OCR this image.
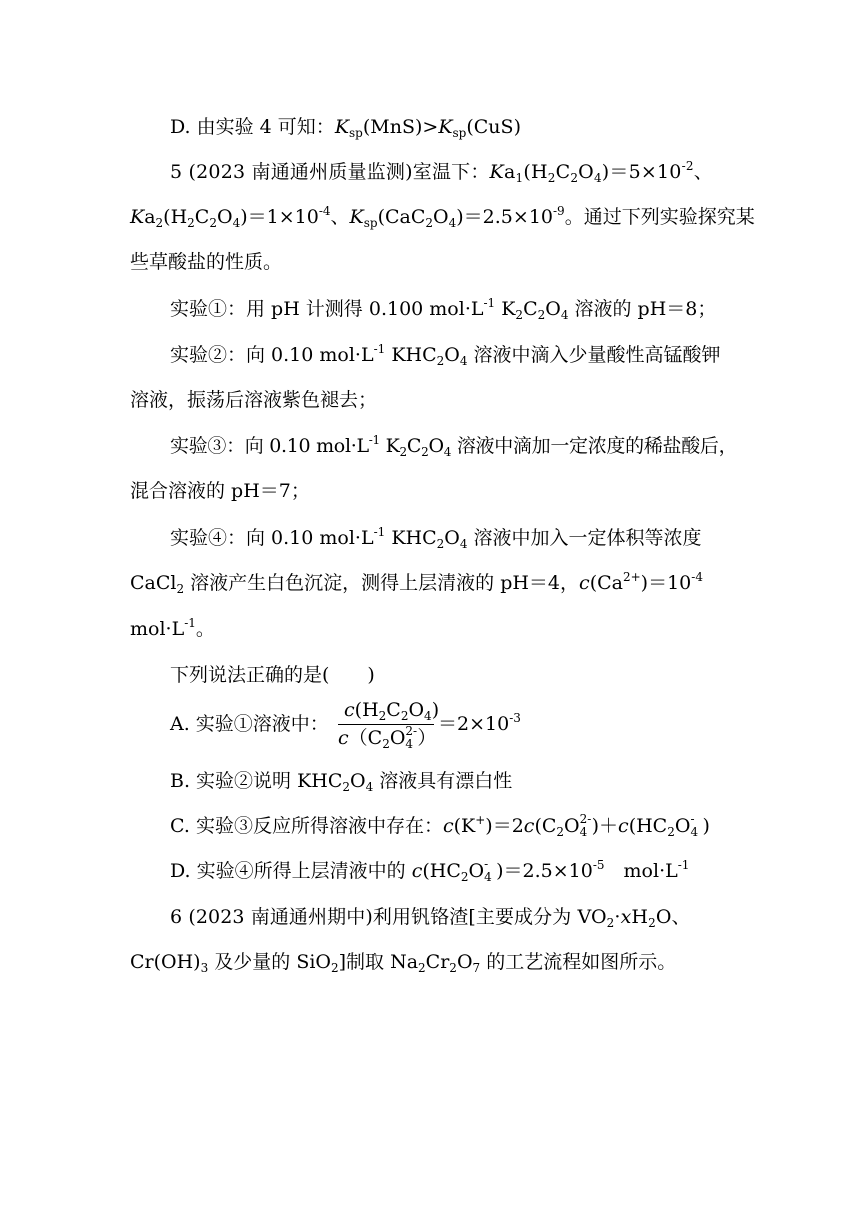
D. 由实验 4 可知：$K_{sp}(MnS)>K_{sp}(CuS)$
5 (2023 南通通州质量监测)室温下：$Ka_1(H_2C_2O_4)=5\times 10^{-2}$、
$Ka_2(H_2C_2O_4)=1\times 10^{-4}$、$K_{sp}(CaC_2O_4)=2.5\times 10^{-9}$。通过下列实验探究某
些草酸盐的性质。
实验①：用 pH 计测得 0.100 $mol\cdot L^{-1}$ $K_2C_2O_4$ 溶液的 pH＝8；
实验②：向 0.10 $mol\cdot L^{-1}$ $KHC_2O_4$ 溶液中滴入少量酸性高锰酸钾
溶液，振荡后溶液紫色褪去；
实验③：向 0.10 $mol\cdot L^{-1}$ $K_2C_2O_4$ 溶液中滴加一定浓度的稀盐酸后，
混合溶液的 pH＝7；
实验④：向 0.10 $mol\cdot L^{-1}$ $KHC_2O_4$ 溶液中加入一定体积等浓度
CaCl$_2$ 溶液产生白色沉淀，测得上层清液的 pH＝4，$c(Ca^{2+})=10^{-4}$
$mol\cdot L^{-1}$。
下列说法正确的是(　　)
A. 实验①溶液中：
$c(H_2C_2O_4)$
$c(C_2O$ 2-
4 ）
$=2\times 10^{-3}$
B. 实验②说明 $KHC_2O_4$ 溶液具有漂白性
C. 实验③反应所得溶液中存在：$c(K^+)=2c(C_2O$ 2-
4 )$+c(HC_2O$ -
4 )
D. 实验④所得上层清液中的 $c(HC_2O$ -
4 )$=2.5\times 10^{-5}$　$mol\cdot L^{-1}$
6 (2023 南通通州期中)利用钒铬渣[主要成分为 $VO_2\cdot xH_2O$、
$Cr(OH)_3$ 及少量的 SiO$_2$]制取 $Na_2Cr_2O_7$ 的工艺流程如图所示。
